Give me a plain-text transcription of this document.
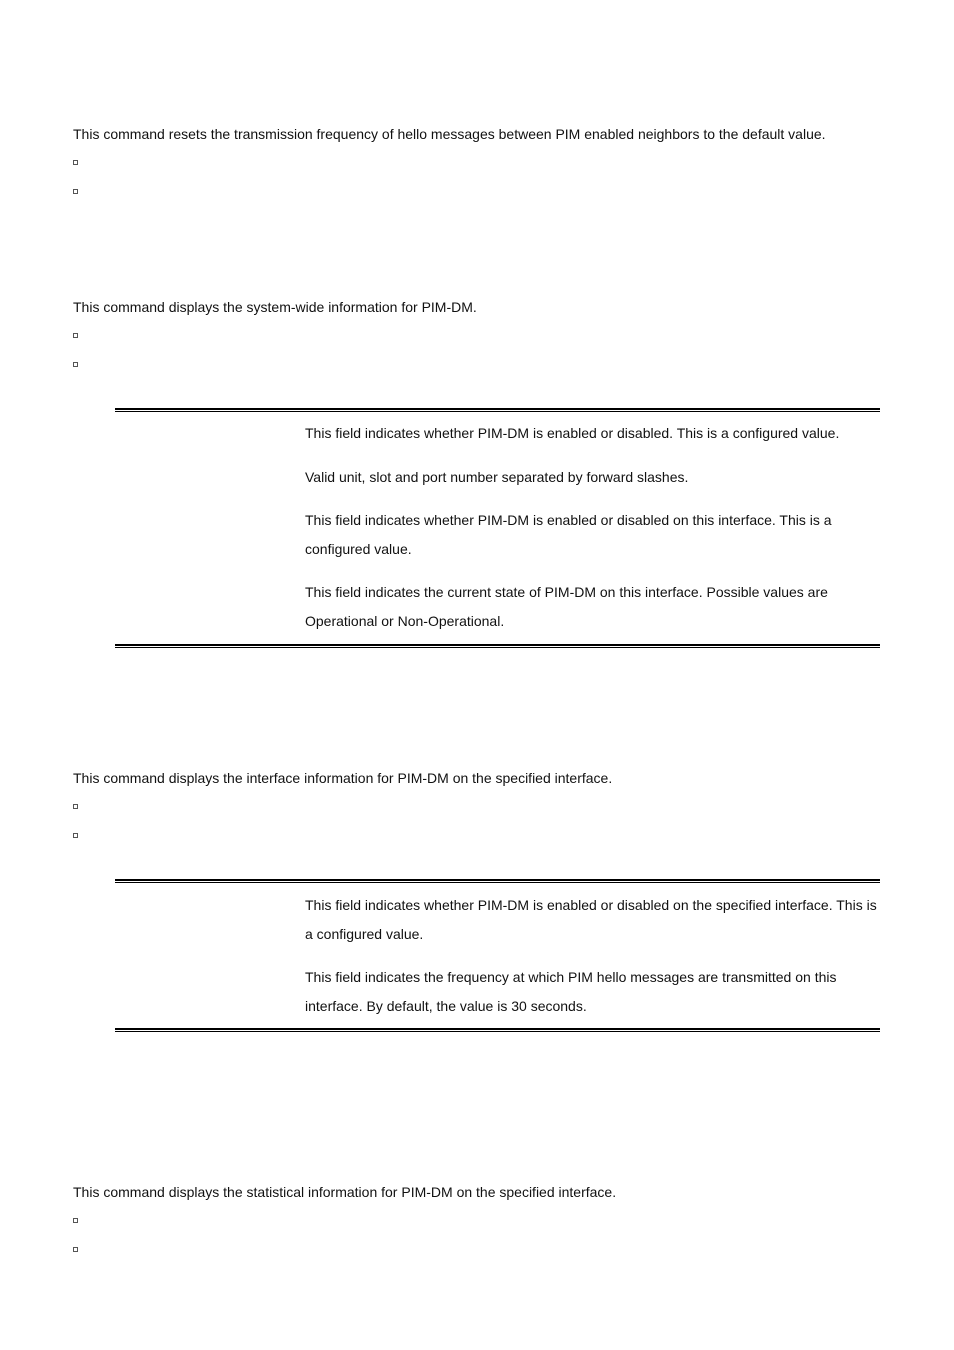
This command resets the transmission frequency of hello messages between PIM enabled neighbors to the default value.
This command displays the system-wide information for PIM-DM.
This field indicates whether PIM-DM is enabled or disabled. This is a configured value.
Valid unit, slot and port number separated by forward slashes.
This field indicates whether PIM-DM is enabled or disabled on this interface. This is a configured value.
This field indicates the current state of PIM-DM on this interface. Possible values are Operational or Non-Operational.
This command displays the interface information for PIM-DM on the specified interface.
This field indicates whether PIM-DM is enabled or disabled on the specified interface. This is a configured value.
This field indicates the frequency at which PIM hello messages are transmitted on this interface. By default, the value is 30 seconds.
This command displays the statistical information for PIM-DM on the specified interface.
